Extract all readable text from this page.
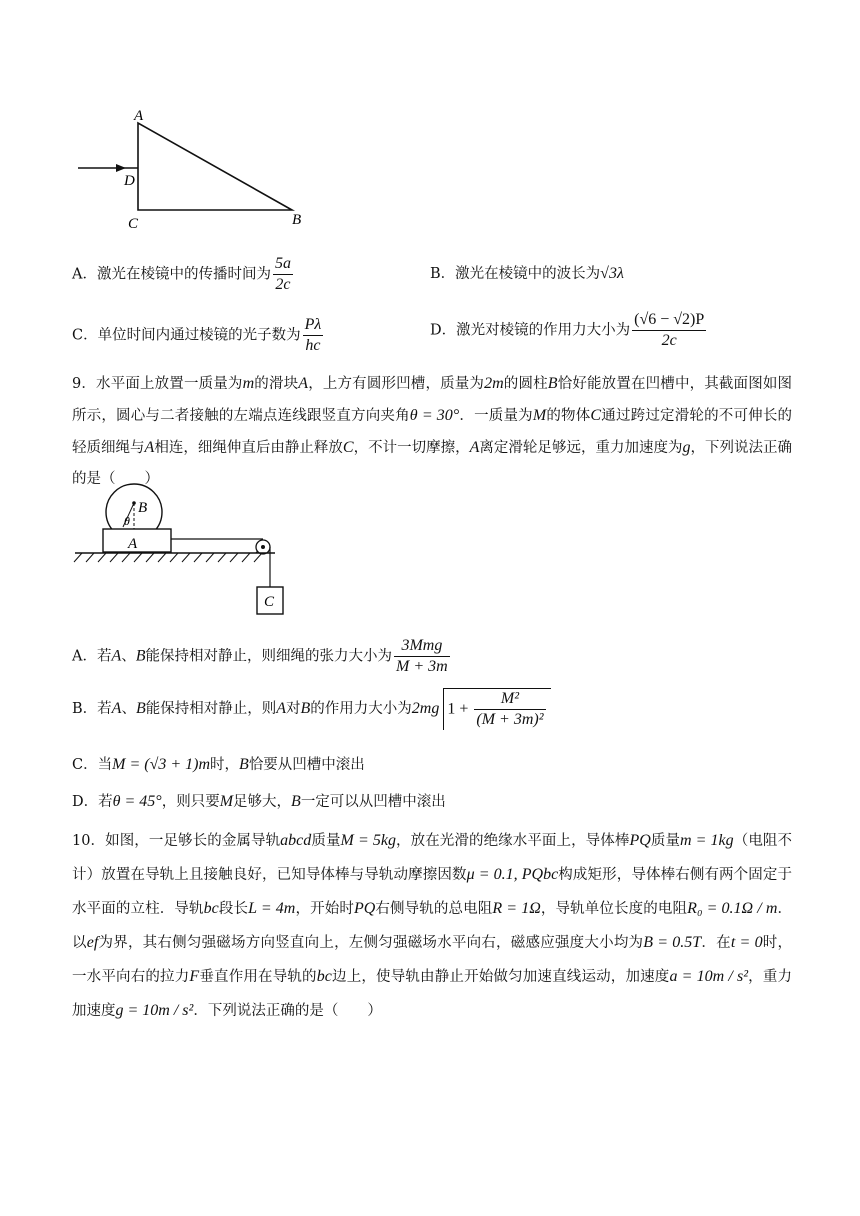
A
D
C	B
A．激光在棱镜中的传播时间为 $\frac{5a}{2c}$	B．激光在棱镜中的波长为√3λ
C．单位时间内通过棱镜的光子数为 $\frac{P\lambda}{hc}$	D．激光对棱镜的作用力大小为 $\frac{(√6 - √2)P}{2c}$
9．水平面上放置一质量为m的滑块A，上方有圆形凹槽，质量为2m的圆柱B恰好能放置在凹槽中，其截面图如图所示，圆心与二者接触的左端点连线跟竖直方向夹角θ = 30°．一质量为M的物体C通过跨过定滑轮的不可伸长的轻质细绳与A相连，细绳伸直后由静止释放C，不计一切摩擦，A离定滑轮足够远，重力加速度为g，下列说法正确的是（　　）
B
θ
A
C
A．若A、B能保持相对静止，则细绳的张力大小为 $\frac{\text{3Mmg}}{M + 3m}$
B．若A、B能保持相对静止，则A对B的作用力大小为2mg $1 + \frac{\text{M²}}{\text{(M + 3m)²}}$
C．当M = (√3 + 1)m时，B恰要从凹槽中滚出
D．若θ = 45°，则只要M足够大，B一定可以从凹槽中滚出
10．如图，一足够长的金属导轨abcd质量M = 5kg，放在光滑的绝缘水平面上，导体棒PQ质量m = 1kg（电阻不计）放置在导轨上且接触良好，已知导体棒与导轨动摩擦因数μ = 0.1, PQbc构成矩形，导体棒右侧有两个固定于水平面的立柱．导轨bc段长L = 4m，开始时PQ右侧导轨的总电阻R = 1Ω，导轨单位长度的电阻R₀ = 0.1Ω / m．以ef为界，其右侧匀强磁场方向竖直向上，左侧匀强磁场水平向右，磁感应强度大小均为B = 0.5T．在t = 0时，一水平向右的拉力F垂直作用在导轨的bc边上，使导轨由静止开始做匀加速直线运动，加速度a = 10m / s²，重力加速度g = 10m / s²．下列说法正确的是（　　）
